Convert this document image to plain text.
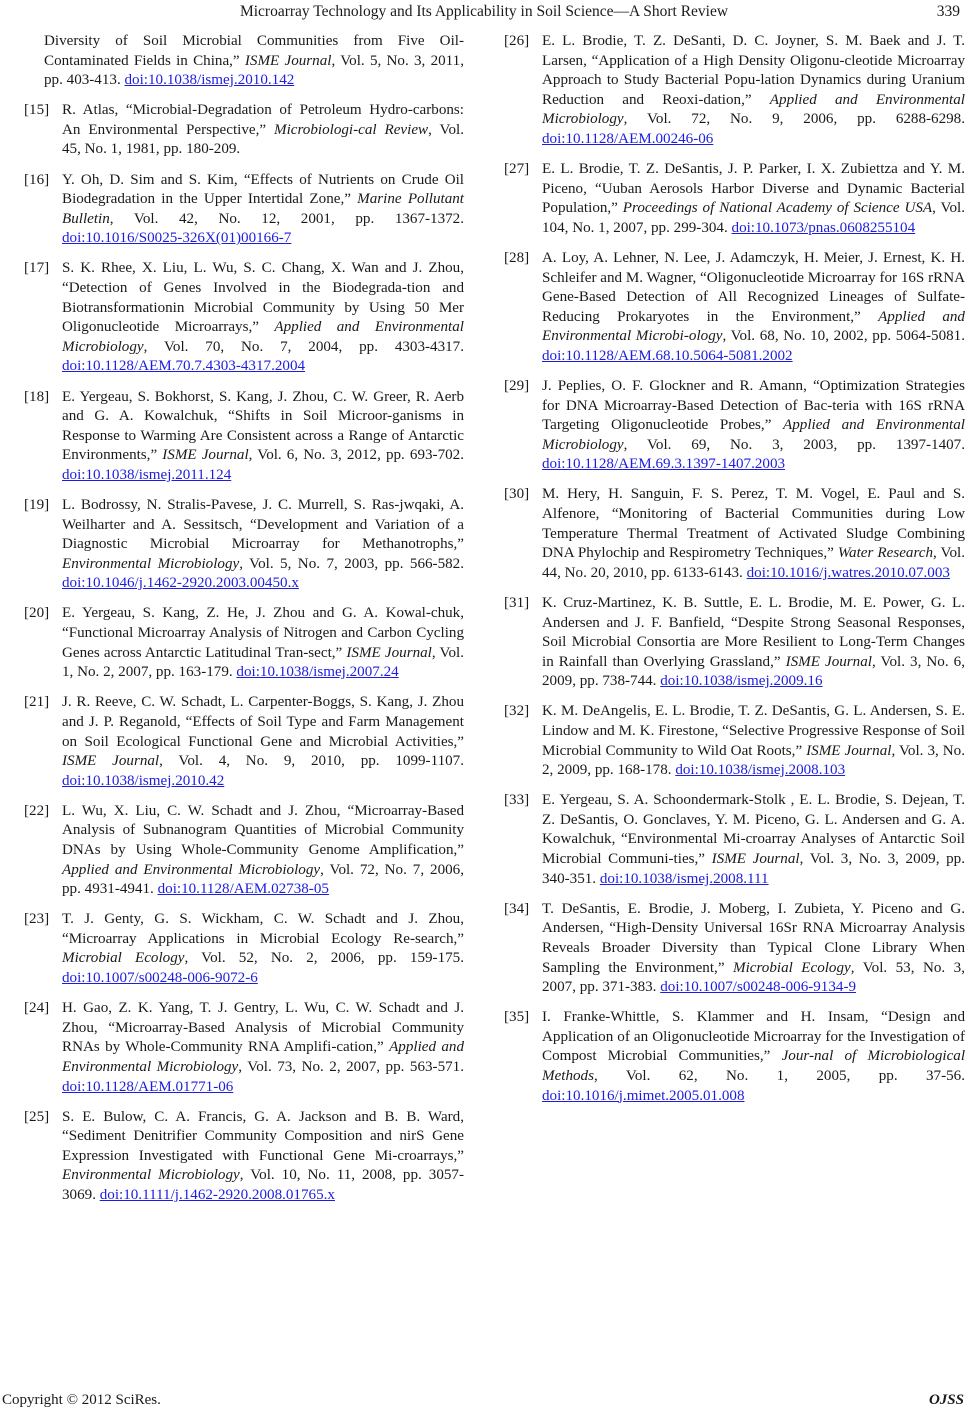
Microarray Technology and Its Applicability in Soil Science—A Short Review	339
Diversity of Soil Microbial Communities from Five Oil-Contaminated Fields in China,” ISME Journal, Vol. 5, No. 3, 2011, pp. 403-413. doi:10.1038/ismej.2010.142
[15] R. Atlas, “Microbial-Degradation of Petroleum Hydro-carbons: An Environmental Perspective,” Microbiologi-cal Review, Vol. 45, No. 1, 1981, pp. 180-209.
[16] Y. Oh, D. Sim and S. Kim, “Effects of Nutrients on Crude Oil Biodegradation in the Upper Intertidal Zone,” Marine Pollutant Bulletin, Vol. 42, No. 12, 2001, pp. 1367-1372. doi:10.1016/S0025-326X(01)00166-7
[17] S. K. Rhee, X. Liu, L. Wu, S. C. Chang, X. Wan and J. Zhou, “Detection of Genes Involved in the Biodegrada-tion and Biotransformationin Microbial Community by Using 50 Mer Oligonucleotide Microarrays,” Applied and Environmental Microbiology, Vol. 70, No. 7, 2004, pp. 4303-4317. doi:10.1128/AEM.70.7.4303-4317.2004
[18] E. Yergeau, S. Bokhorst, S. Kang, J. Zhou, C. W. Greer, R. Aerb and G. A. Kowalchuk, “Shifts in Soil Microor-ganisms in Response to Warming Are Consistent across a Range of Antarctic Environments,” ISME Journal, Vol. 6, No. 3, 2012, pp. 693-702. doi:10.1038/ismej.2011.124
[19] L. Bodrossy, N. Stralis-Pavese, J. C. Murrell, S. Ras-jwqaki, A. Weilharter and A. Sessitsch, “Development and Variation of a Diagnostic Microbial Microarray for Methanotrophs,” Environmental Microbiology, Vol. 5, No. 7, 2003, pp. 566-582. doi:10.1046/j.1462-2920.2003.00450.x
[20] E. Yergeau, S. Kang, Z. He, J. Zhou and G. A. Kowal-chuk, “Functional Microarray Analysis of Nitrogen and Carbon Cycling Genes across Antarctic Latitudinal Tran-sect,” ISME Journal, Vol. 1, No. 2, 2007, pp. 163-179. doi:10.1038/ismej.2007.24
[21] J. R. Reeve, C. W. Schadt, L. Carpenter-Boggs, S. Kang, J. Zhou and J. P. Reganold, “Effects of Soil Type and Farm Management on Soil Ecological Functional Gene and Microbial Activities,” ISME Journal, Vol. 4, No. 9, 2010, pp. 1099-1107. doi:10.1038/ismej.2010.42
[22] L. Wu, X. Liu, C. W. Schadt and J. Zhou, “Microarray-Based Analysis of Subnanogram Quantities of Microbial Community DNAs by Using Whole-Community Genome Amplification,” Applied and Environmental Microbiology, Vol. 72, No. 7, 2006, pp. 4931-4941. doi:10.1128/AEM.02738-05
[23] T. J. Genty, G. S. Wickham, C. W. Schadt and J. Zhou, “Microarray Applications in Microbial Ecology Re-search,” Microbial Ecology, Vol. 52, No. 2, 2006, pp. 159-175. doi:10.1007/s00248-006-9072-6
[24] H. Gao, Z. K. Yang, T. J. Gentry, L. Wu, C. W. Schadt and J. Zhou, “Microarray-Based Analysis of Microbial Community RNAs by Whole-Community RNA Amplifi-cation,” Applied and Environmental Microbiology, Vol. 73, No. 2, 2007, pp. 563-571. doi:10.1128/AEM.01771-06
[25] S. E. Bulow, C. A. Francis, G. A. Jackson and B. B. Ward, “Sediment Denitrifier Community Composition and nirS Gene Expression Investigated with Functional Gene Mi-croarrays,” Environmental Microbiology, Vol. 10, No. 11, 2008, pp. 3057-3069. doi:10.1111/j.1462-2920.2008.01765.x
[26] E. L. Brodie, T. Z. DeSanti, D. C. Joyner, S. M. Baek and J. T. Larsen, “Application of a High Density Oligonu-cleotide Microarray Approach to Study Bacterial Popu-lation Dynamics during Uranium Reduction and Reoxi-dation,” Applied and Environmental Microbiology, Vol. 72, No. 9, 2006, pp. 6288-6298. doi:10.1128/AEM.00246-06
[27] E. L. Brodie, T. Z. DeSantis, J. P. Parker, I. X. Zubiettza and Y. M. Piceno, “Uuban Aerosols Harbor Diverse and Dynamic Bacterial Population,” Proceedings of National Academy of Science USA, Vol. 104, No. 1, 2007, pp. 299-304. doi:10.1073/pnas.0608255104
[28] A. Loy, A. Lehner, N. Lee, J. Adamczyk, H. Meier, J. Ernest, K. H. Schleifer and M. Wagner, “Oligonucleotide Microarray for 16S rRNA Gene-Based Detection of All Recognized Lineages of Sulfate-Reducing Prokaryotes in the Environment,” Applied and Environmental Microbi-ology, Vol. 68, No. 10, 2002, pp. 5064-5081. doi:10.1128/AEM.68.10.5064-5081.2002
[29] J. Peplies, O. F. Glockner and R. Amann, “Optimization Strategies for DNA Microarray-Based Detection of Bac-teria with 16S rRNA Targeting Oligonucleotide Probes,” Applied and Environmental Microbiology, Vol. 69, No. 3, 2003, pp. 1397-1407. doi:10.1128/AEM.69.3.1397-1407.2003
[30] M. Hery, H. Sanguin, F. S. Perez, T. M. Vogel, E. Paul and S. Alfenore, “Monitoring of Bacterial Communities during Low Temperature Thermal Treatment of Activated Sludge Combining DNA Phylochip and Respirometry Techniques,” Water Research, Vol. 44, No. 20, 2010, pp. 6133-6143. doi:10.1016/j.watres.2010.07.003
[31] K. Cruz-Martinez, K. B. Suttle, E. L. Brodie, M. E. Power, G. L. Andersen and J. F. Banfield, “Despite Strong Seasonal Responses, Soil Microbial Consortia are More Resilient to Long-Term Changes in Rainfall than Overlying Grassland,” ISME Journal, Vol. 3, No. 6, 2009, pp. 738-744. doi:10.1038/ismej.2009.16
[32] K. M. DeAngelis, E. L. Brodie, T. Z. DeSantis, G. L. Andersen, S. E. Lindow and M. K. Firestone, “Selective Progressive Response of Soil Microbial Community to Wild Oat Roots,” ISME Journal, Vol. 3, No. 2, 2009, pp. 168-178. doi:10.1038/ismej.2008.103
[33] E. Yergeau, S. A. Schoondermark-Stolk , E. L. Brodie, S. Dejean, T. Z. DeSantis, O. Gonclaves, Y. M. Piceno, G. L. Andersen and G. A. Kowalchuk, “Environmental Mi-croarray Analyses of Antarctic Soil Microbial Communi-ties,” ISME Journal, Vol. 3, No. 3, 2009, pp. 340-351. doi:10.1038/ismej.2008.111
[34] T. DeSantis, E. Brodie, J. Moberg, I. Zubieta, Y. Piceno and G. Andersen, “High-Density Universal 16Sr RNA Microarray Analysis Reveals Broader Diversity than Typical Clone Library When Sampling the Environment,” Microbial Ecology, Vol. 53, No. 3, 2007, pp. 371-383. doi:10.1007/s00248-006-9134-9
[35] I. Franke-Whittle, S. Klammer and H. Insam, “Design and Application of an Oligonucleotide Microarray for the Investigation of Compost Microbial Communities,” Jour-nal of Microbiological Methods, Vol. 62, No. 1, 2005, pp. 37-56. doi:10.1016/j.mimet.2005.01.008
Copyright © 2012 SciRes.	OJSS
